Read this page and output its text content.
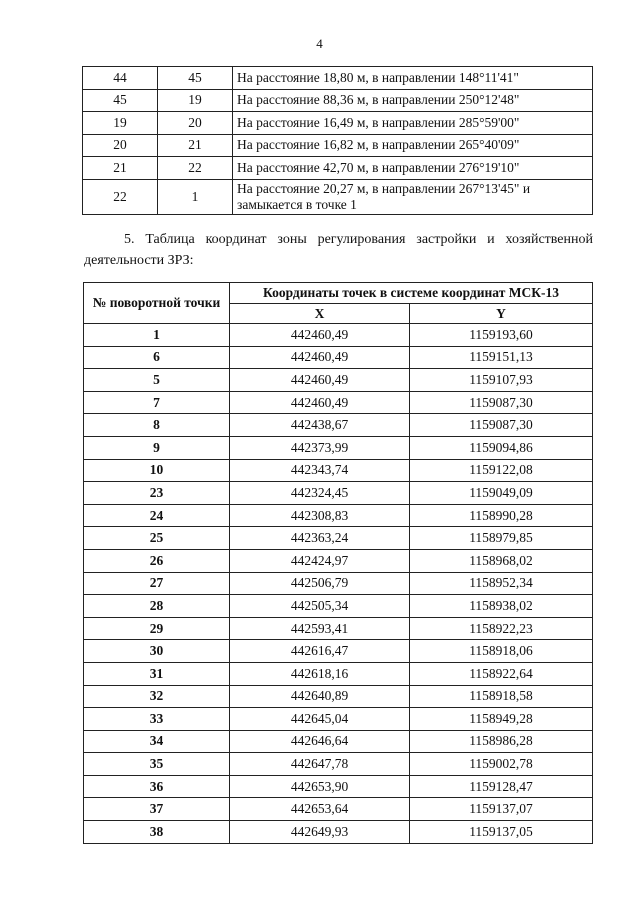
4
44	45	На расстояние 18,80 м, в направлении 148°11'41"
45	19	На расстояние 88,36 м, в направлении 250°12'48"
19	20	На расстояние 16,49 м, в направлении 285°59'00"
20	21	На расстояние 16,82 м, в направлении 265°40'09"
21	22	На расстояние 42,70 м, в направлении 276°19'10"
22	1	На расстояние 20,27 м, в направлении 267°13'45" и замыкается в точке 1
5. Таблица координат зоны регулирования застройки и хозяйственной деятельности ЗРЗ:
№ поворотной точки	Координаты точек в системе координат МСК-13	
	X	Y
1	442460,49	1159193,60
6	442460,49	1159151,13
5	442460,49	1159107,93
7	442460,49	1159087,30
8	442438,67	1159087,30
9	442373,99	1159094,86
10	442343,74	1159122,08
23	442324,45	1159049,09
24	442308,83	1158990,28
25	442363,24	1158979,85
26	442424,97	1158968,02
27	442506,79	1158952,34
28	442505,34	1158938,02
29	442593,41	1158922,23
30	442616,47	1158918,06
31	442618,16	1158922,64
32	442640,89	1158918,58
33	442645,04	1158949,28
34	442646,64	1158986,28
35	442647,78	1159002,78
36	442653,90	1159128,47
37	442653,64	1159137,07
38	442649,93	1159137,05
